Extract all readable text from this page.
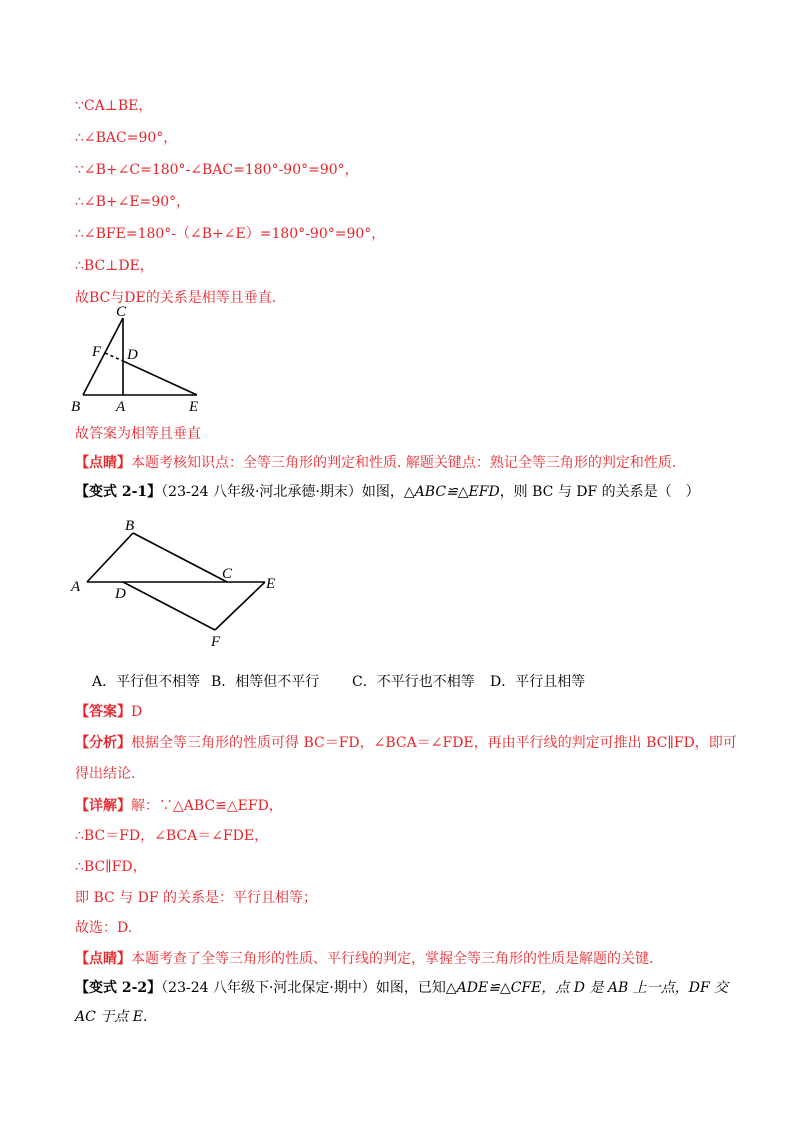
∵CA⊥BE，
∴∠BAC=90°，
∵∠B+∠C=180°-∠BAC=180°-90°=90°，
∴∠B+∠E=90°，
∴∠BFE=180°-（∠B+∠E）=180°-90°=90°，
∴BC⊥DE，
故BC与DE的关系是相等且垂直．
C
F D
B A	E
故答案为相等且垂直
【点睛】本题考核知识点：全等三角形的判定和性质. 解题关键点：熟记全等三角形的判定和性质.
【变式 2-1】（23-24 八年级·河北承德·期末）如图，△ABC≌△EFD，则 BC 与 DF 的关系是（　）
B
C
A D
E
F
A．平行但不相等 B．相等但不平行 C．不平行也不相等 D．平行且相等
【答案】D
【分析】根据全等三角形的性质可得 BC＝FD，∠BCA＝∠FDE，再由平行线的判定可推出 BC∥FD，即可
得出结论.
【详解】解：∵△ABC≌△EFD，
∴BC＝FD，∠BCA＝∠FDE，
∴BC∥FD，
即 BC 与 DF 的关系是：平行且相等；
故选：D.
【点睛】本题考查了全等三角形的性质、平行线的判定，掌握全等三角形的性质是解题的关键.
【变式 2-2】（23-24 八年级下·河北保定·期中）如图，已知△ADE≌△CFE，点 D 是 AB 上一点，DF 交
AC 于点 E.
